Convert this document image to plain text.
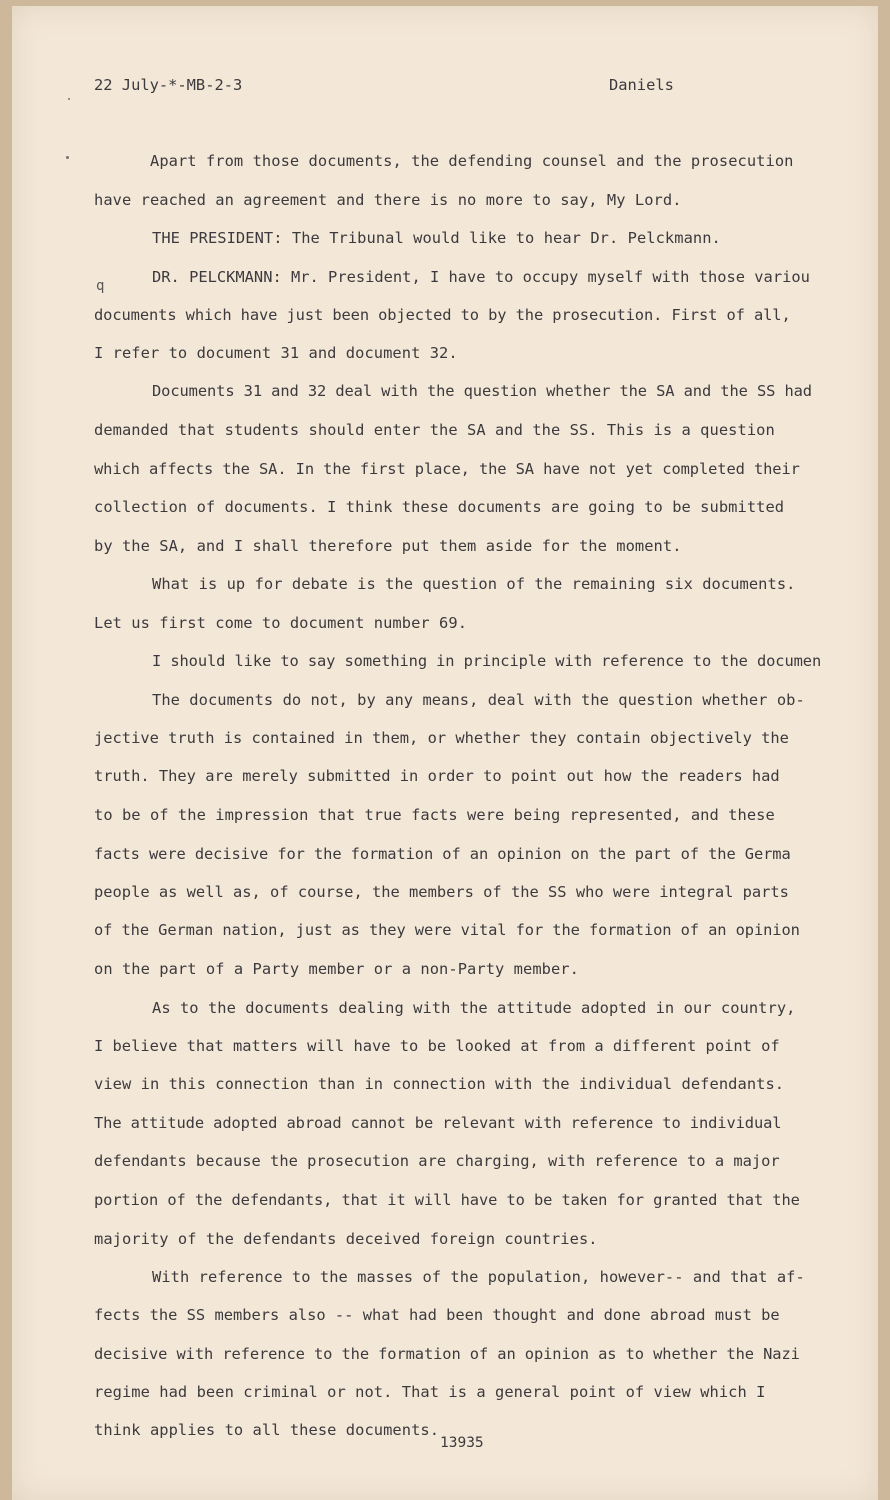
22 July-*-MB-2-3	Daniels
q
Apart from those documents, the defending counsel and the prosecution
have reached an agreement and there is no more to say, My Lord.
THE PRESIDENT: The Tribunal would like to hear Dr. Pelckmann.
DR. PELCKMANN: Mr. President, I have to occupy myself with those variou
documents which have just been objected to by the prosecution. First of all,
I refer to document 31 and document 32.
Documents 31 and 32 deal with the question whether the SA and the SS had
demanded that students should enter the SA and the SS. This is a question
which affects the SA. In the first place, the SA have not yet completed their
collection of documents. I think these documents are going to be submitted
by the SA, and I shall therefore put them aside for the moment.
What is up for debate is the question of the remaining six documents.
Let us first come to document number 69.
I should like to say something in principle with reference to the documen
The documents do not, by any means, deal with the question whether ob-
jective truth is contained in them, or whether they contain objectively the
truth. They are merely submitted in order to point out how the readers had
to be of the impression that true facts were being represented, and these
facts were decisive for the formation of an opinion on the part of the Germa
people as well as, of course, the members of the SS who were integral parts
of the German nation, just as they were vital for the formation of an opinion
on the part of a Party member or a non-Party member.
As to the documents dealing with the attitude adopted in our country,
I believe that matters will have to be looked at from a different point of
view in this connection than in connection with the individual defendants.
The attitude adopted abroad cannot be relevant with reference to individual
defendants because the prosecution are charging, with reference to a major
portion of the defendants, that it will have to be taken for granted that the
majority of the defendants deceived foreign countries.
With reference to the masses of the population, however-- and that af-
fects the SS members also -- what had been thought and done abroad must be
decisive with reference to the formation of an opinion as to whether the Nazi
regime had been criminal or not. That is a general point of view which I
think applies to all these documents.
13935
